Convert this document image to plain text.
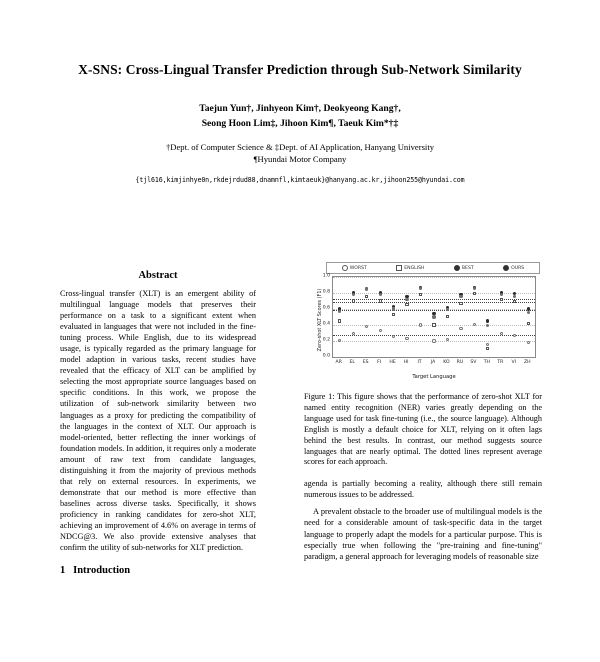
X-SNS: Cross-Lingual Transfer Prediction through Sub-Network Similarity
Taejun Yun†, Jinhyeon Kim†, Deokyeong Kang†,
Seong Hoon Lim‡, Jihoon Kim¶, Taeuk Kim*†‡
†Dept. of Computer Science & ‡Dept. of AI Application, Hanyang University
¶Hyundai Motor Company
{tjl616,kimjinhye0n,rkdejrdud88,dnamnfl,kimtaeuk}@hanyang.ac.kr,jihoon255@hyundai.com
Abstract

Cross-lingual transfer (XLT) is an emergent ability of multilingual language models that preserves their performance on a task to a significant extent when evaluated in languages that were not included in the fine-tuning process. While English, due to its widespread usage, is typically regarded as the primary language for model adaption in various tasks, recent studies have revealed that the efficacy of XLT can be amplified by selecting the most appropriate source languages based on specific conditions. In this work, we propose the utilization of sub-network similarity between two languages as a proxy for predicting the compatibility of the languages in the context of XLT. Our approach is model-oriented, better reflecting the inner workings of foundation models. In addition, it requires only a moderate amount of raw text from candidate languages, distinguishing it from the majority of previous methods that rely on external resources. In experiments, we demonstrate that our method is more effective than baselines across diverse tasks. Specifically, it shows proficiency in ranking candidates for zero-shot XLT, achieving an improvement of 4.6% on average in terms of NDCG@3. We also provide extensive analyses that confirm the utility of sub-networks for XLT prediction.

1 Introduction
WORST	ENGLISH	BEST	OURS
Zero-shot XLT Scores (F1)
0.0
0.2
0.4
0.6
0.8
1.0
AR EL ES FI HE HI IT JA KO RU SV TH TR VI ZH
Target Language
Figure 1: This figure shows that the performance of zero-shot XLT for named entity recognition (NER) varies greatly depending on the language used for task fine-tuning (i.e., the source language). Although English is mostly a default choice for XLT, relying on it often lags behind the best results. In contrast, our method suggests source languages that are nearly optimal. The dotted lines represent average scores for each approach.

agenda is partially becoming a reality, although there still remain numerous issues to be addressed.

A prevalent obstacle to the broader use of multilingual models is the need for a considerable amount of task-specific data in the target language to properly adapt the models for a particular purpose. This is especially true when following the "pre-training and fine-tuning" paradigm, a general approach for leveraging models of reasonable size
